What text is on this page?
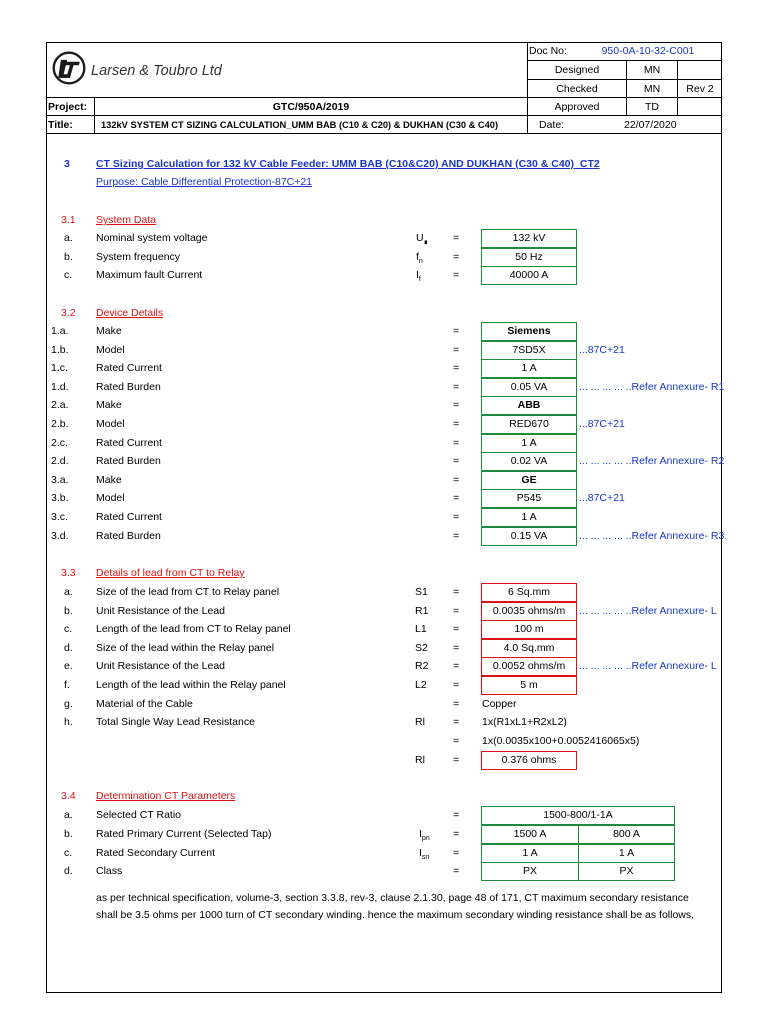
Larsen & Toubro Ltd
Doc No:	950-0A-10-32-C001
Designed	MN
Checked	MN	Rev 2
Approved	TD
Project:	GTC/950A/2019
Title:	132kV SYSTEM CT SIZING CALCULATION_UMM BAB (C10 & C20) & DUKHAN (C30 & C40)	Date:	22/07/2020
3 CT Sizing Calculation for 132 kV Cable Feeder: UMM BAB (C10&C20) AND DUKHAN (C30 & C40)_CT2
Purpose: Cable Differential Protection-87C+21
3.1 System Data
a. Nominal system voltage	$U_∎$ =	132 kV
b. System frequency	$f_n$	=	50 Hz
c. Maximum fault Current	$I_f$	=	40000 A
3.2 Device Details
1.a.	Make	=	Siemens
1.b.	Model	=	7SD5X	...87C+21
1.c.	Rated Current	=	1 A
1.d.	Rated Burden	=	0.05 VA	... ... ... ... ..Refer Annexure- R1
2.a.	Make	=	ABB
2.b.	Model	=	RED670	...87C+21
2.c.	Rated Current	=	1 A
2.d.	Rated Burden	=	0.02 VA	... ... ... ... ..Refer Annexure- R2
3.a.	Make	=	GE
3.b.	Model	=	P545	...87C+21
3.c.	Rated Current	=	1 A
3.d.	Rated Burden	=	0.15 VA	... ... ... ... ..Refer Annexure- R3
3.3 Details of lead from CT to Relay
a. Size of the lead from CT to Relay panel	S1 =	6 Sq.mm
b. Unit Resistance of the Lead	R1 =	0.0035 ohms/m	... ... ... ... ..Refer Annexure- L
c. Length of the lead from CT to Relay panel	L1	=	100 m
d. Size of the lead within the Relay panel	S2 =	4.0 Sq.mm
e. Unit Resistance of the Lead	R2 =	0.0052 ohms/m	... ... ... ... ..Refer Annexure- L
f. Length of the lead within the Relay panel	L2	=	5 m
g. Material of the Cable	= Copper
h. Total Single Way Lead Resistance	Rl	= 1x(R1xL1+R2xL2)
= 1x(0.0035x100+0.0052416065x5)
Rl	=	0.376 ohms
3.4 Determination CT Parameters
a. Selected CT Ratio	=	1500-800/1-1A
b. Rated Primary Current (Selected Tap)	$I_{pn}$ =	1500 A	800 A
c. Rated Secondary Current	$I_{sn}$ =	1 A	1 A
d. Class	=	PX	PX
as per technical specification, volume-3, section 3.3.8, rev-3, clause 2.1.30, page 48 of 171, CT maximum secondary resistance
shall be 3.5 ohms per 1000 turn of CT secondary winding. hence the maximum secondary winding resistance shall be as follows,
